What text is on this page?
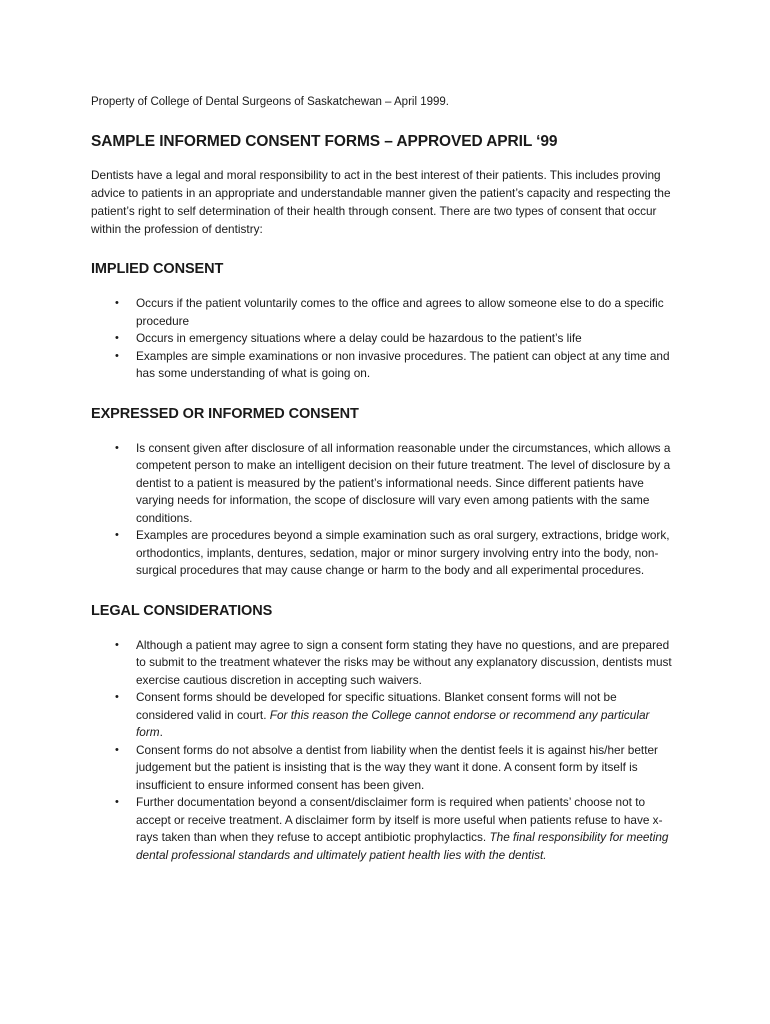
Property of College of Dental Surgeons of Saskatchewan – April 1999.

SAMPLE INFORMED CONSENT FORMS – APPROVED APRIL ‘99

Dentists have a legal and moral responsibility to act in the best interest of their patients. This includes proving advice to patients in an appropriate and understandable manner given the patient’s capacity and respecting the patient’s right to self determination of their health through consent. There are two types of consent that occur within the profession of dentistry:

IMPLIED CONSENT
• Occurs if the patient voluntarily comes to the office and agrees to allow someone else to do a specific procedure
• Occurs in emergency situations where a delay could be hazardous to the patient’s life
• Examples are simple examinations or non invasive procedures. The patient can object at any time and has some understanding of what is going on.
EXPRESSED OR INFORMED CONSENT
• Is consent given after disclosure of all information reasonable under the circumstances, which allows a competent person to make an intelligent decision on their future treatment. The level of disclosure by a dentist to a patient is measured by the patient’s informational needs. Since different patients have varying needs for information, the scope of disclosure will vary even among patients with the same conditions.
• Examples are procedures beyond a simple examination such as oral surgery, extractions, bridge work, orthodontics, implants, dentures, sedation, major or minor surgery involving entry into the body, non-surgical procedures that may cause change or harm to the body and all experimental procedures.
LEGAL CONSIDERATIONS
• Although a patient may agree to sign a consent form stating they have no questions, and are prepared to submit to the treatment whatever the risks may be without any explanatory discussion, dentists must exercise cautious discretion in accepting such waivers.
• Consent forms should be developed for specific situations. Blanket consent forms will not be considered valid in court. For this reason the College cannot endorse or recommend any particular form.
• Consent forms do not absolve a dentist from liability when the dentist feels it is against his/her better judgement but the patient is insisting that is the way they want it done. A consent form by itself is insufficient to ensure informed consent has been given.
• Further documentation beyond a consent/disclaimer form is required when patients’ choose not to accept or receive treatment. A disclaimer form by itself is more useful when patients refuse to have x-rays taken than when they refuse to accept antibiotic prophylactics. The final responsibility for meeting dental professional standards and ultimately patient health lies with the dentist.
